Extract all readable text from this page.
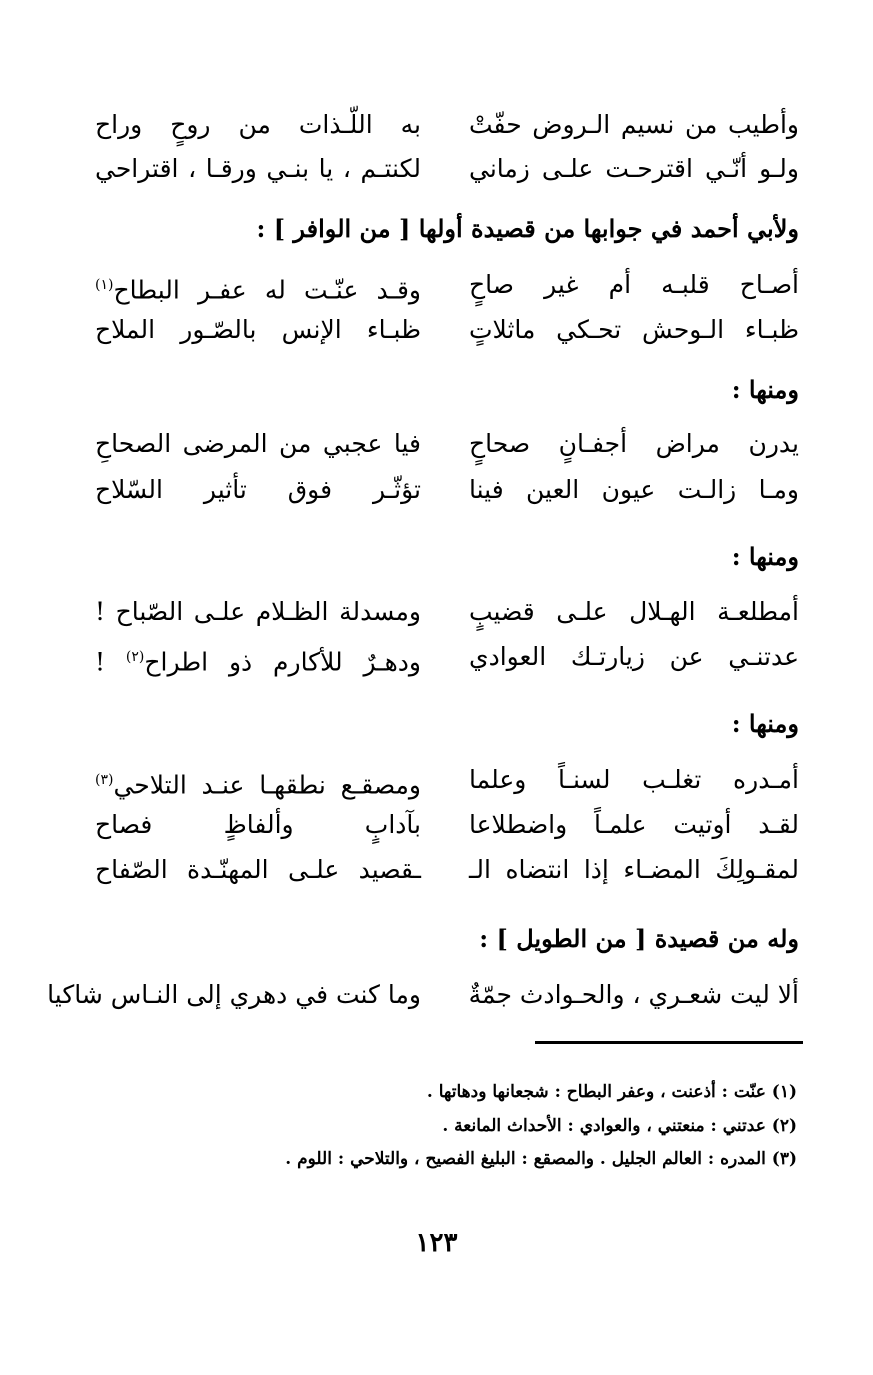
وأطيب من نسيم الـروض حفّتْ
به اللّـذات من روحٍ وراح
ولـو أنّـي اقترحـت علـى زماني
لكنتـم ، يا بنـي ورقـا ، اقتراحي
ولأبي أحمد في جوابها من قصيدة أولها [ من الوافر ] :
أصـاح قلبـه أم غير صاحٍ
وقـد عنّـت له عفـر البطاح$^{(١)}$
ظبـاء الـوحش تحـكي ماثلاتٍ
ظبـاء الإنس بالصّـور الملاح
ومنها :
يدرن مراض أجفـانٍ صحاحٍ
فيا عجبي من المرضى الصحاحِ
ومـا زالـت عيون العين فينا
تؤثّـر فوق تأثير السّلاح
ومنها :
أمطلعـة الهـلال علـى قضيبٍ
ومسدلة الظـلام علـى الصّباح !
عدتنـي عن زيارتـك العوادي
ودهـرٌ للأكارم ذو اطراح$^{(٢)}$ !
ومنها :
أمـدره تغلـب لسنـاً وعلما
ومصقـع نطقهـا عنـد التلاحي$^{(٣)}$
لقـد أوتيت علمـاً واضطلاعا
بآدابٍ وألفاظٍ فصاح
لمقـولِكَ المضـاء إذا انتضاه الـ
ـقصيد علـى المهنّـدة الصّفاح
وله من قصيدة [ من الطويل ] :
ألا ليت شعـري ، والحـوادث جمّةٌ
وما كنت في دهري إلى النـاس شاكيا
(١) عنّت : أذعنت ، وعفر البطاح : شجعانها ودهاتها .
(٢) عدتني : منعتني ، والعوادي : الأحداث المانعة .
(٣) المدره : العالم الجليل . والمصقع : البليغ الفصيح ، والتلاحي : اللوم .
١٢٣
